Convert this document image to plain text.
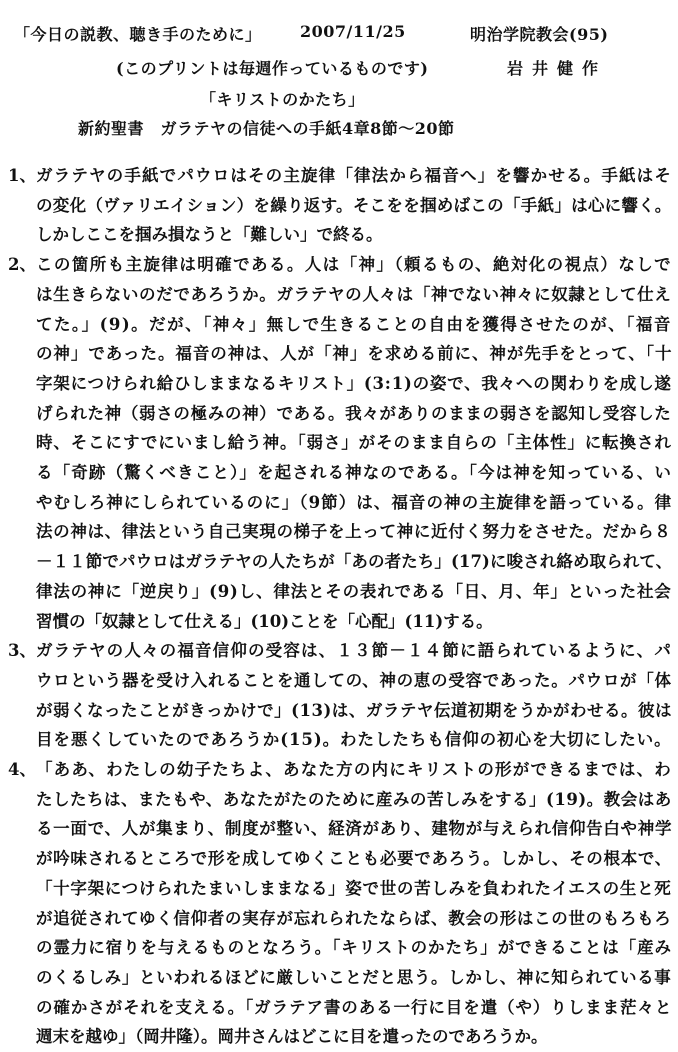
「今日の説教、聴き手のために」 2007/11/25	明治学院教会(95)
(このプリントは毎週作っているものです)	岩井健作
「キリストのかたち」
新約聖書　ガラテヤの信徒への手紙4章8節～20節
1、 ガラテヤの手紙でパウロはその主旋律「律法から福音へ」を響かせる。手紙はそ
の変化（ヴァリエイション）を繰り返す。そこをを掴めばこの「手紙」は心に響く。
しかしここを掴み損なうと「難しい」で終る。
2、 この箇所も主旋律は明確である。人は「神」（頼るもの、絶対化の視点）なしで
は生きらないのだであろうか。ガラテヤの人々は「神でない神々に奴隷として仕え
てた。」(9)。だが、「神々」無しで生きることの自由を獲得させたのが、「福音
の神」であった。福音の神は、人が「神」を求める前に、神が先手をとって、「十
字架につけられ給ひしままなるキリスト」(3:1)の姿で、我々への関わりを成し遂
げられた神（弱さの極みの神）である。我々がありのままの弱さを認知し受容した
時、そこにすでにいまし給う神。「弱さ」がそのまま自らの「主体性」に転換され
る「奇跡（驚くべきこと）」を起される神なのである。「今は神を知っている、い
やむしろ神にしられているのに」（9節）は、福音の神の主旋律を語っている。律
法の神は、律法という自己実現の梯子を上って神に近付く努力をさせた。だから８
－１１節でパウロはガラテヤの人たちが「あの者たち」(17)に唆され絡め取られて、
律法の神に「逆戻り」(9)し、律法とその表れである「日、月、年」といった社会
習慣の「奴隷として仕える」(10)ことを「心配」(11)する。
3、 ガラテヤの人々の福音信仰の受容は、１３節－１４節に語られているように、パ
ウロという器を受け入れることを通しての、神の恵の受容であった。パウロが「体
が弱くなったことがきっかけで」(13)は、ガラテヤ伝道初期をうかがわせる。彼は
目を悪くしていたのであろうか(15)。わたしたちも信仰の初心を大切にしたい。
4、 「ああ、わたしの幼子たちよ、あなた方の内にキリストの形ができるまでは、わ
たしたちは、またもや、あなたがたのために産みの苦しみをする」(19)。教会はあ
る一面で、人が集まり、制度が整い、経済があり、建物が与えられ信仰告白や神学
が吟味されるところで形を成してゆくことも必要であろう。しかし、その根本で、
「十字架につけられたまいしままなる」姿で世の苦しみを負われたイエスの生と死
が追従されてゆく信仰者の実存が忘れられたならば、教会の形はこの世のもろもろ
の霊力に宿りを与えるものとなろう。「キリストのかたち」ができることは「産み
のくるしみ」といわれるほどに厳しいことだと思う。しかし、神に知られている事
の確かさがそれを支える。「ガラテア書のある一行に目を遣（や）りしまま茫々と
週末を越ゆ」（岡井隆）。岡井さんはどこに目を遣ったのであろうか。
